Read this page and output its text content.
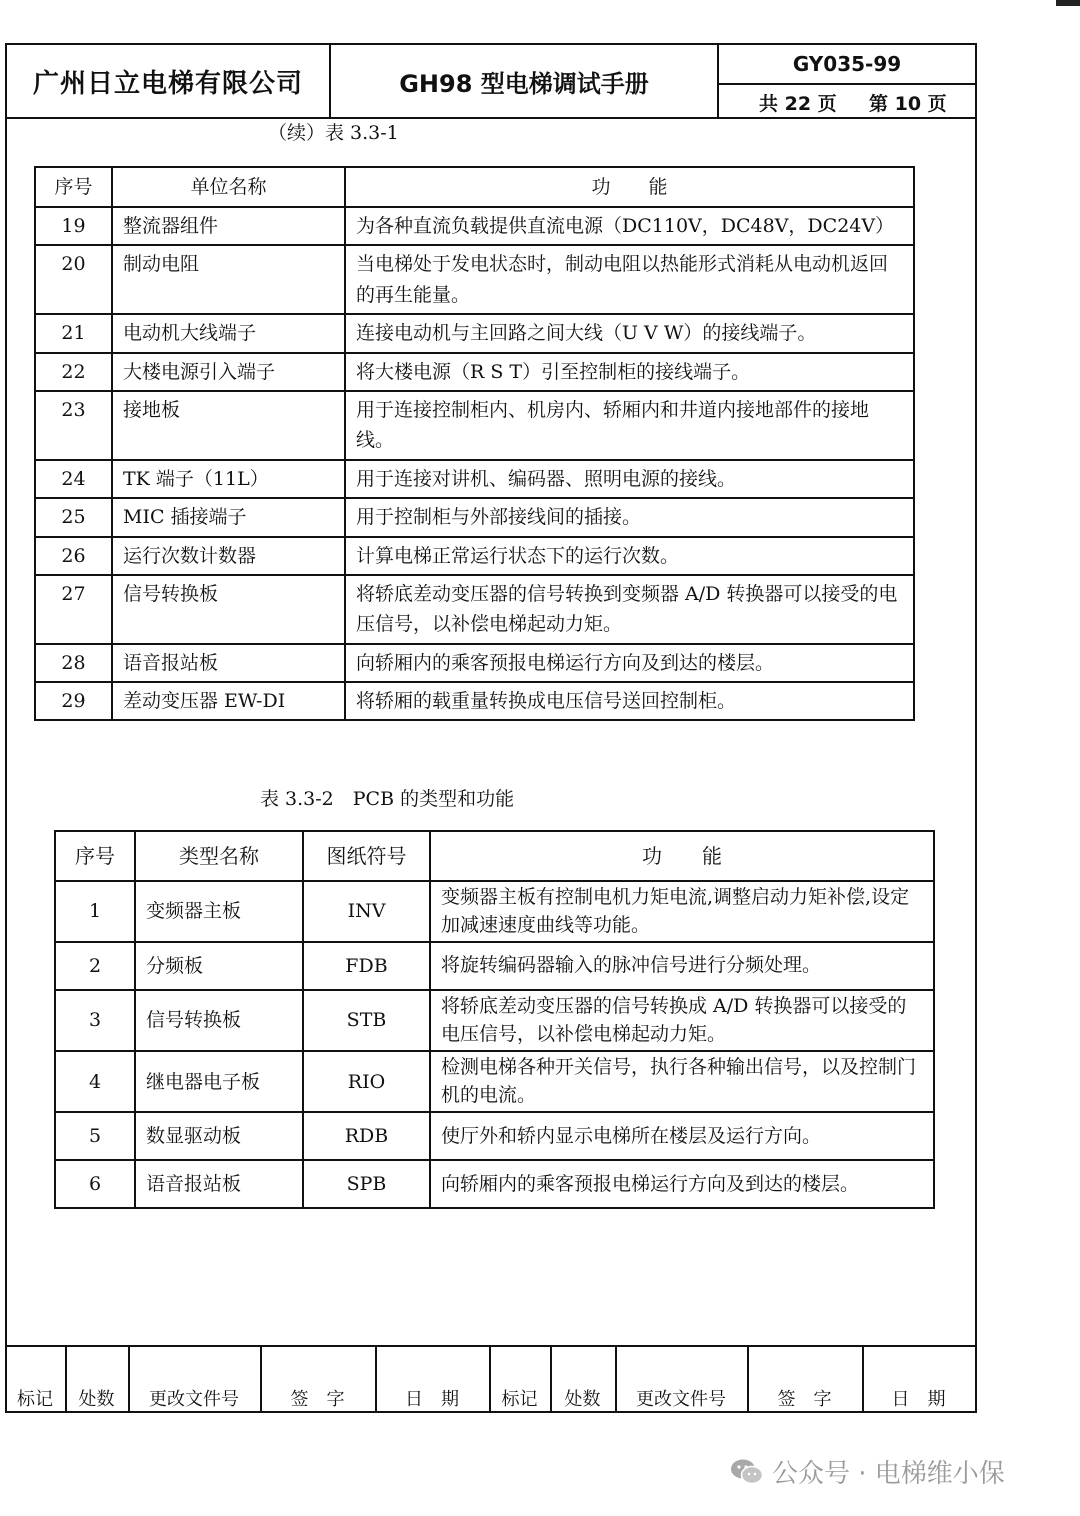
广州日立电梯有限公司	GH98 型电梯调试手册
GY035-99
共 22 页 第 10 页
（续）表 3.3-1
序号	单位名称	功　　能
19	整流器组件	为各种直流负载提供直流电源（DC110V，DC48V，DC24V）
20	制动电阻	当电梯处于发电状态时，制动电阻以热能形式消耗从电动机返回的再生能量。
21	电动机大线端子	连接电动机与主回路之间大线（U V W）的接线端子。
22	大楼电源引入端子	将大楼电源（R S T）引至控制柜的接线端子。
23	接地板	用于连接控制柜内、机房内、轿厢内和井道内接地部件的接地线。
24	TK 端子（11L）	用于连接对讲机、编码器、照明电源的接线。
25	MIC 插接端子	用于控制柜与外部接线间的插接。
26	运行次数计数器	计算电梯正常运行状态下的运行次数。
27	信号转换板	将轿底差动变压器的信号转换到变频器 A/D 转换器可以接受的电压信号，以补偿电梯起动力矩。
28	语音报站板	向轿厢内的乘客预报电梯运行方向及到达的楼层。
29	差动变压器 EW-DI	将轿厢的载重量转换成电压信号送回控制柜。
表 3.3-2　PCB 的类型和功能
序号	类型名称	图纸符号	功　　能
1	变频器主板	INV	变频器主板有控制电机力矩电流,调整启动力矩补偿,设定加减速速度曲线等功能。
2	分频板	FDB	将旋转编码器输入的脉冲信号进行分频处理。
3	信号转换板	STB	将轿底差动变压器的信号转换成 A/D 转换器可以接受的电压信号，以补偿电梯起动力矩。
4	继电器电子板	RIO	检测电梯各种开关信号，执行各种输出信号，以及控制门机的电流。
5	数显驱动板	RDB	使厅外和轿内显示电梯所在楼层及运行方向。
6	语音报站板	SPB	向轿厢内的乘客预报电梯运行方向及到达的楼层。
标记	处数	更改文件号	签　字	日　期	标记	处数	更改文件号	签　字	日　期
公众号 · 电梯维小保
